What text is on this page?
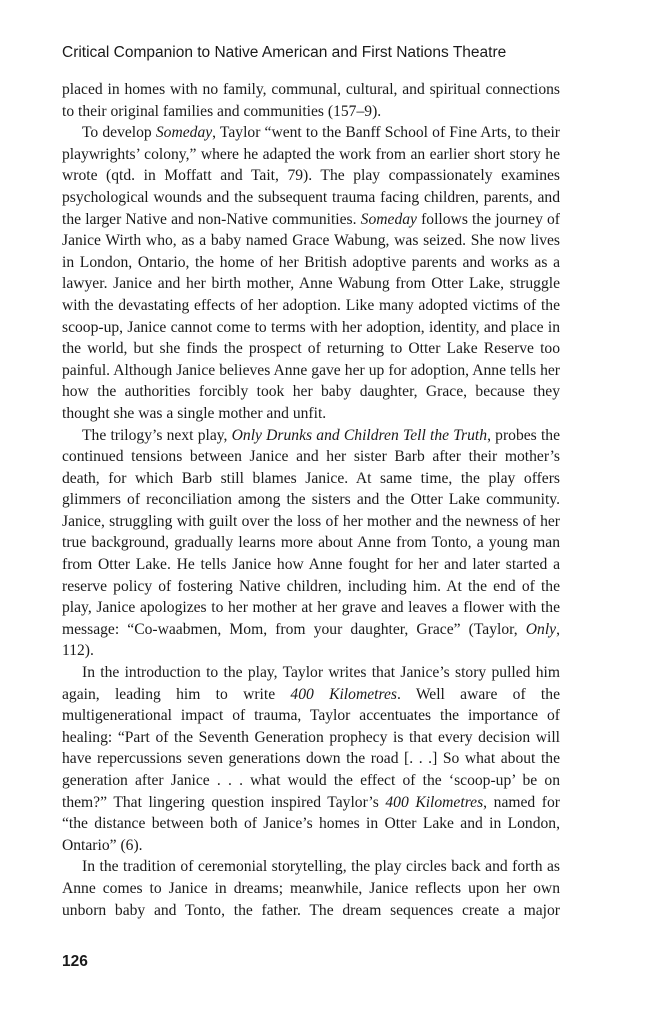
Critical Companion to Native American and First Nations Theatre

placed in homes with no family, communal, cultural, and spiritual connections to their original families and communities (157–9).

To develop Someday, Taylor “went to the Banff School of Fine Arts, to their playwrights’ colony,” where he adapted the work from an earlier short story he wrote (qtd. in Moffatt and Tait, 79). The play compassionately examines psychological wounds and the subsequent trauma facing children, parents, and the larger Native and non-Native communities. Someday follows the journey of Janice Wirth who, as a baby named Grace Wabung, was seized. She now lives in London, Ontario, the home of her British adoptive parents and works as a lawyer. Janice and her birth mother, Anne Wabung from Otter Lake, struggle with the devastating effects of her adoption. Like many adopted victims of the scoop-up, Janice cannot come to terms with her adoption, identity, and place in the world, but she finds the prospect of returning to Otter Lake Reserve too painful. Although Janice believes Anne gave her up for adoption, Anne tells her how the authorities forcibly took her baby daughter, Grace, because they thought she was a single mother and unfit.

The trilogy’s next play, Only Drunks and Children Tell the Truth, probes the continued tensions between Janice and her sister Barb after their mother’s death, for which Barb still blames Janice. At same time, the play offers glimmers of reconciliation among the sisters and the Otter Lake community. Janice, struggling with guilt over the loss of her mother and the newness of her true background, gradually learns more about Anne from Tonto, a young man from Otter Lake. He tells Janice how Anne fought for her and later started a reserve policy of fostering Native children, including him. At the end of the play, Janice apologizes to her mother at her grave and leaves a flower with the message: “Co-waabmen, Mom, from your daughter, Grace” (Taylor, Only, 112).

In the introduction to the play, Taylor writes that Janice’s story pulled him again, leading him to write 400 Kilometres. Well aware of the multigenerational impact of trauma, Taylor accentuates the importance of healing: “Part of the Seventh Generation prophecy is that every decision will have repercussions seven generations down the road [. . .] So what about the generation after Janice . . . what would the effect of the ‘scoop-up’ be on them?” That lingering question inspired Taylor’s 400 Kilometres, named for “the distance between both of Janice’s homes in Otter Lake and in London, Ontario” (6).

In the tradition of ceremonial storytelling, the play circles back and forth as Anne comes to Janice in dreams; meanwhile, Janice reflects upon her own unborn baby and Tonto, the father. The dream sequences create a major

126
